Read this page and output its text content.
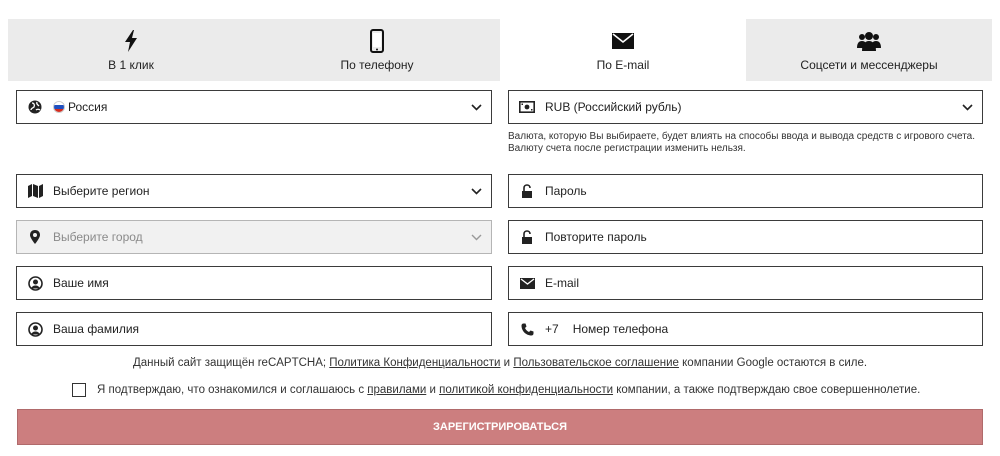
В 1 клик	По телефону	По E-mail	Соцсети и мессенджеры
Россия
Выберите регион
Выберите город
Ваше имя
Ваша фамилия
RUB (Российский рубль)
Валюта, которую Вы выбираете, будет влиять на способы ввода и вывода средств с игрового счета.
Валюту счета после регистрации изменить нельзя.
E-mail
+7
Номер телефона
Данный сайт защищён reCAPTCHA; Политика Конфиденциальности и Пользовательское соглашение компании Google остаются в силе.
Я подтверждаю, что ознакомился и соглашаюсь с правилами и политикой конфиденциальности компании, а также подтверждаю свое совершеннолетие.
ЗАРЕГИСТРИРОВАТЬСЯ
